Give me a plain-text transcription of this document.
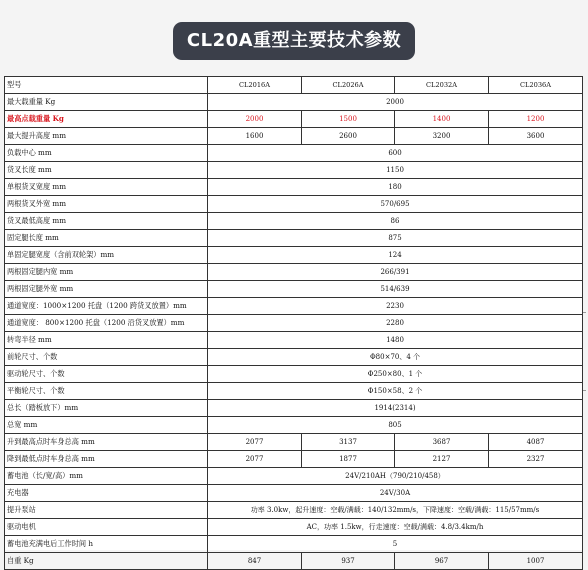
CL20A重型主要技术参数
型号	CL2016A	CL2026A	CL2032A	CL2036A
最大载重量 Kg	2000			
最高点载重量 Kg	2000	1500	1400	1200
最大提升高度 mm	1600	2600	3200	3600
负载中心 mm	600			
货叉长度 mm	1150			
单根货叉宽度 mm	180			
两根货叉外宽 mm	570/695			
货叉最低高度 mm	86			
固定腿长度 mm	875			
单固定腿宽度（含前双轮架）mm	124			
两根固定腿内宽 mm	266/391			
两根固定腿外宽 mm	514/639			
通道宽度：1000×1200 托盘（1200 跨货叉放置）mm	2230			
通道宽度： 800×1200 托盘（1200 沿货叉放置）mm	2280			
转弯半径 mm	1480			
前轮尺寸、个数	Φ80×70、4 个			
驱动轮尺寸、个数	Φ250×80、1 个			
平衡轮尺寸、个数	Φ150×58、2 个			
总长（踏板放下）mm	1914(2314)			
总宽 mm	805			
升到最高点时车身总高 mm	2077	3137	3687	4087
降到最低点时车身总高 mm	2077	1877	2127	2327
蓄电池（长/宽/高）mm	24V/210AH（790/210/458）			
充电器	24V/30A			
提升泵站	功率 3.0kw，起升速度：空载/满载：140/132mm/s，下降速度：空载/满载：115/57mm/s			
驱动电机	AC，功率 1.5kw，行走速度：空载/满载：4.8/3.4km/h			
蓄电池充满电后工作时间 h	5			
自重 Kg	847	937	967	1007
